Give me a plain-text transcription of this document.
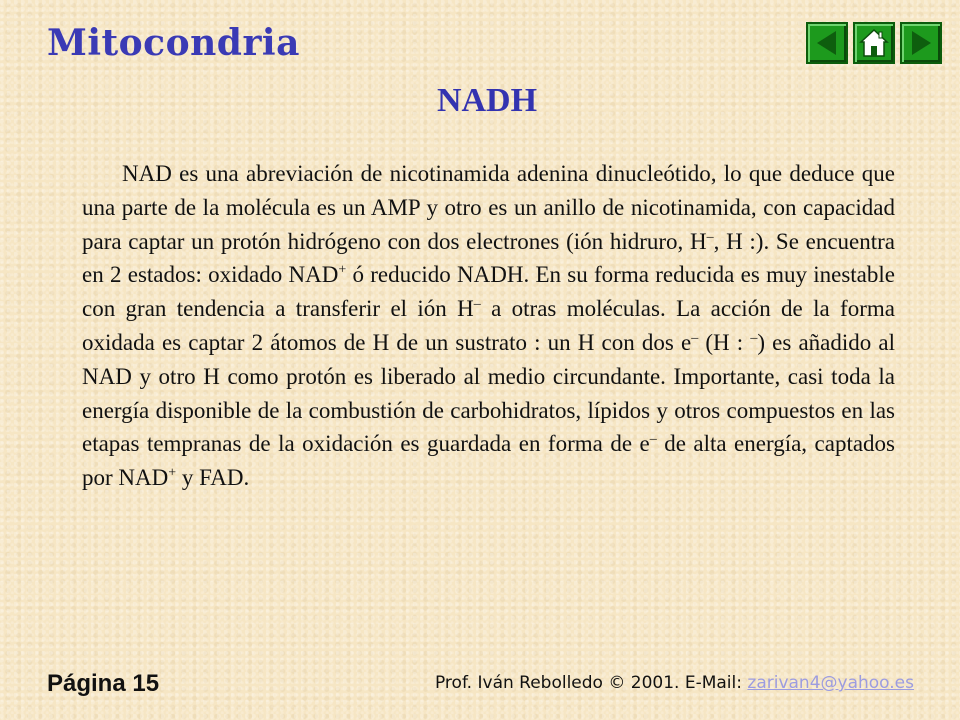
Mitocondria
NADH

NAD es una abreviación de nicotinamida adenina dinucleótido, lo que deduce que una parte de la molécula es un AMP y otro es un anillo de nicotinamida, con capacidad para captar un protón hidrógeno con dos electrones (ión hidruro, H–, H :). Se encuentra en 2 estados: oxidado NAD+ ó reducido NADH. En su forma reducida es muy inestable con gran tendencia a transferir el ión H– a otras moléculas. La acción de la forma oxidada es captar 2 átomos de H de un sustrato : un H con dos e– (H : –) es añadido al NAD y otro H como protón es liberado al medio circundante. Importante, casi toda la energía disponible de la combustión de carbohidratos, lípidos y otros compuestos en las etapas tempranas de la oxidación es guardada en forma de e– de alta energía, captados por NAD+ y FAD.

Página 15	Prof. Iván Rebolledo © 2001. E-Mail: zarivan4@yahoo.es
